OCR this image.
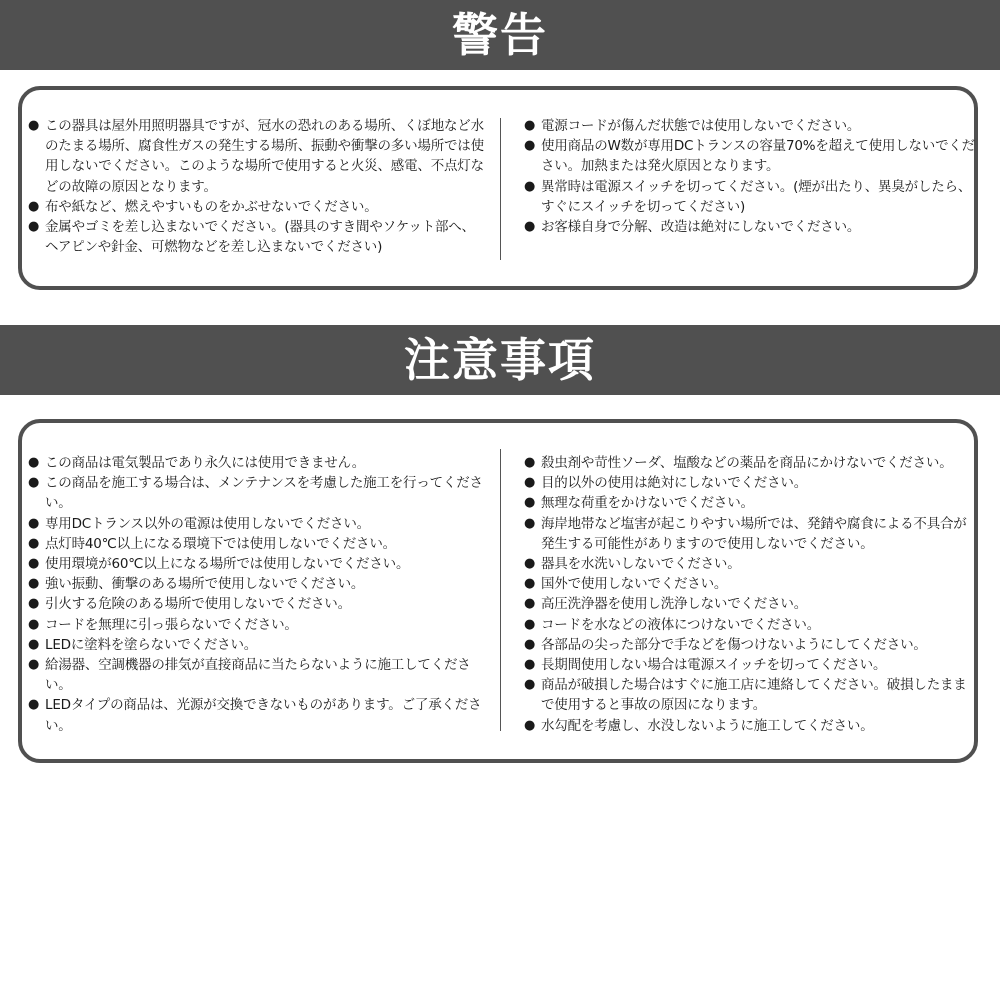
警告
● この器具は屋外用照明器具ですが、冠水の恐れのある場所、くぼ地など水のたまる場所、腐食性ガスの発生する場所、振動や衝撃の多い場所では使用しないでください。このような場所で使用すると火災、感電、不点灯などの故障の原因となります。
● 布や紙など、燃えやすいものをかぶせないでください。
● 金属やゴミを差し込まないでください。(器具のすき間やソケット部へ、ヘアピンや針金、可燃物などを差し込まないでください)
● 電源コードが傷んだ状態では使用しないでください。
● 使用商品のW数が専用DCトランスの容量70%を超えて使用しないでください。加熱または発火原因となります。
● 異常時は電源スイッチを切ってください。(煙が出たり、異臭がしたら、すぐにスイッチを切ってください)
● お客様自身で分解、改造は絶対にしないでください。
注意事項
● この商品は電気製品であり永久には使用できません。
● この商品を施工する場合は、メンテナンスを考慮した施工を行ってください。
● 専用DCトランス以外の電源は使用しないでください。
● 点灯時40℃以上になる環境下では使用しないでください。
● 使用環境が60℃以上になる場所では使用しないでください。
● 強い振動、衝撃のある場所で使用しないでください。
● 引火する危険のある場所で使用しないでください。
● コードを無理に引っ張らないでください。
● LEDに塗料を塗らないでください。
● 給湯器、空調機器の排気が直接商品に当たらないように施工してください。
● LEDタイプの商品は、光源が交換できないものがあります。ご了承ください。
● 殺虫剤や苛性ソーダ、塩酸などの薬品を商品にかけないでください。
● 目的以外の使用は絶対にしないでください。
● 無理な荷重をかけないでください。
● 海岸地帯など塩害が起こりやすい場所では、発錆や腐食による不具合が発生する可能性がありますので使用しないでください。
● 器具を水洗いしないでください。
● 国外で使用しないでください。
● 高圧洗浄器を使用し洗浄しないでください。
● コードを水などの液体につけないでください。
● 各部品の尖った部分で手などを傷つけないようにしてください。
● 長期間使用しない場合は電源スイッチを切ってください。
● 商品が破損した場合はすぐに施工店に連絡してください。破損したままで使用すると事故の原因になります。
● 水勾配を考慮し、水没しないように施工してください。
